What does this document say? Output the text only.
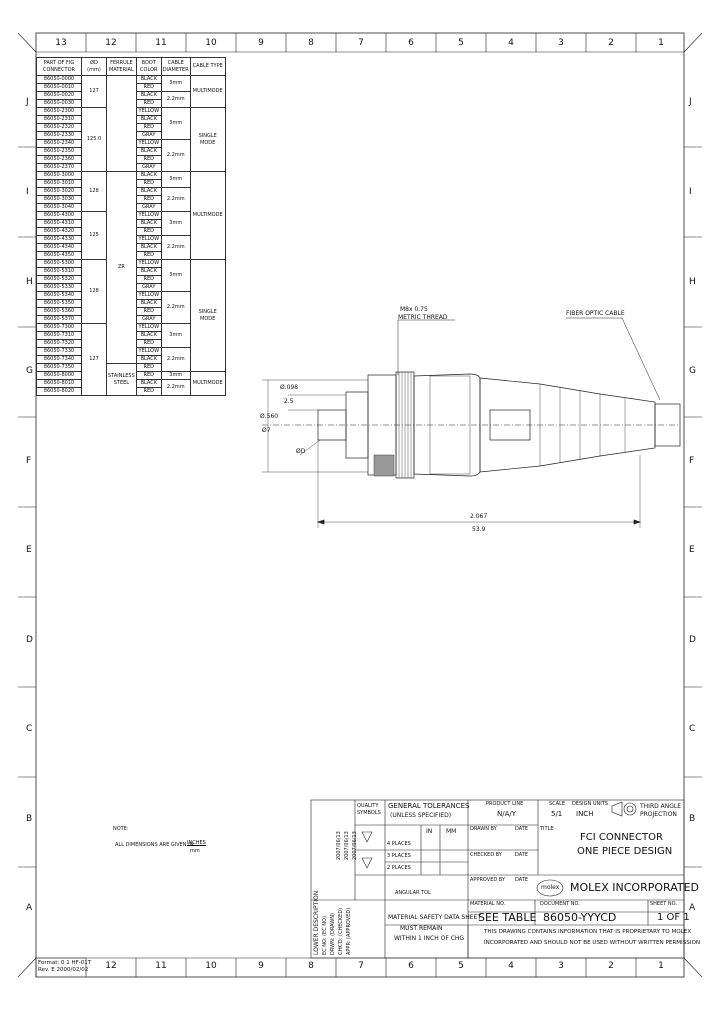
13	12	11	10	9	8	7	6	5	4	3	2	1
12	11	10	9	8	7	6	5	4	3	2	1
J	J
I	I
H	H
G	G
F	F
E	E
D	D
C	C
B	B
A	A
PART OF FIG CONNECTOR	ØD (mm)	FERRULE MATERIAL	BOOT COLOR	CABLE DIAMETER	CABLE TYPE
86050-0000	127		BLACK	3mm	MULTIMODE
86050-0010			RED		
86050-0020			BLACK	2.2mm	
86050-0030			RED		
86050-2300	125.0		YELLOW	3mm	SINGLE MODE
86050-2310			BLACK		
86050-2320			RED		
86050-2330			GRAY		
86050-2340			YELLOW	2.2mm	
86050-2350			BLACK		
86050-2360			RED		
86050-2370			GRAY		
86050-3000	128	ZR	BLACK	3mm	MULTIMODE
86050-3010			RED		
86050-3020			BLACK	2.2mm	
86050-3030			RED		
86050-3040			GRAY		
86050-4300	125		YELLOW	3mm	
86050-4310			BLACK		
86050-4320			RED		
86050-4330			YELLOW	2.2mm	
86050-4340			BLACK		
86050-4350			RED		
86050-5300	128		YELLOW	3mm	SINGLE MODE
86050-5310			BLACK		
86050-5320			RED		
86050-5330			GRAY		
86050-5340			YELLOW	2.2mm	
86050-5350			BLACK		
86050-5360			RED		
86050-5370			GRAY		
86050-7300	127		YELLOW	3mm	
86050-7310			BLACK		
86050-7320			RED		
86050-7330			YELLOW	2.2mm	
86050-7340			BLACK		
86050-7350		STAINLESS STEEL	RED		
86050-8000			RED	3mm	MULTIMODE
86050-8010			BLACK	2.2mm	
86050-8020			RED		
M8x 0.75
METRIC THREAD
FIBER OPTIC CABLE
Ø.098
2.5
Ø.560
Ø7
ØD
2.067
53.9
NOTE:
ALL DIMENSIONS ARE GIVEN IN
INCHES
mm
LOWER DESCRIPTION EC NO: (EC NO) DRWN: (DRAWN) CHK'D: (CHECKED) APPR: (APPROVED)
2007/06/13 2007/06/13 2007/06/13
QUALITY SYMBOLS
GENERAL TOLERANCES
(UNLESS SPECIFIED)
IN MM
4 PLACES
3 PLACES
2 PLACES
ANGULAR TOL
DRAWN BY
CHECKED BY
APPROVED BY
DATE
DATE
DATE
TITLE
PRODUCT LINE
N/A/Y
SCALE
5/1
DESIGN UNITS
INCH
THIRD ANGLE PROJECTION
FCI CONNECTOR
ONE PIECE DESIGN
molex MOLEX INCORPORATED
MATERIAL NO.	DOCUMENT NO.	SHEET NO.
SEE TABLE 86050-YYYCD	1 OF 1
MATERIAL SAFETY DATA SHEET
MUST REMAIN
WITHIN 1 INCH OF CHG
THIS DRAWING CONTAINS INFORMATION THAT IS PROPRIETARY TO MOLEX
INCORPORATED AND SHOULD NOT BE USED WITHOUT WRITTEN PERMISSION
Format: 0 1 HF-01T
Rev. E 2000/02/02
